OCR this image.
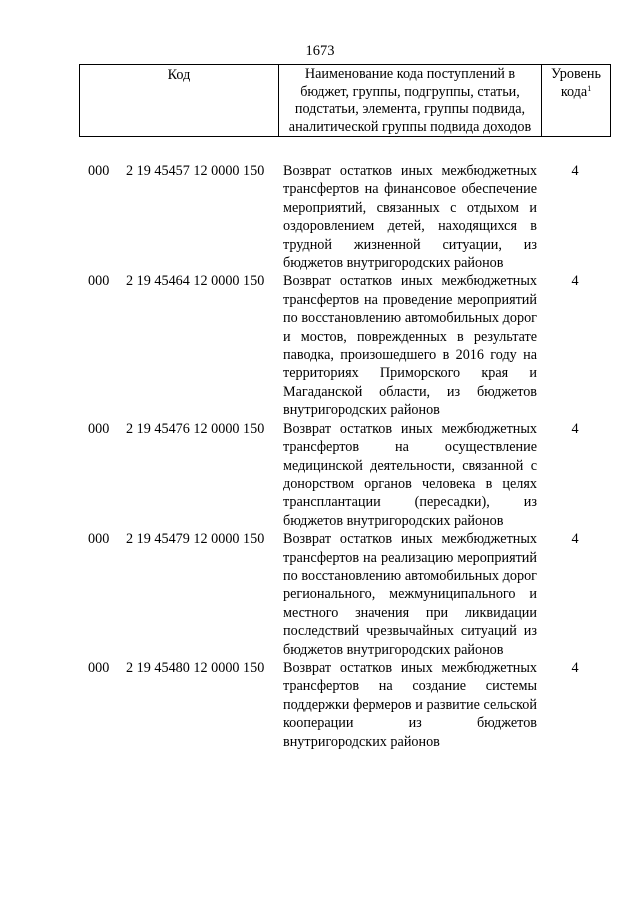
1673
Код	Наименование кода поступлений в бюджет, группы, подгруппы, статьи, подстатьи, элемента, группы подвида, аналитической группы подвида доходов
Уровень кода$^1$
000 2 19 45457 12 0000 150 Возврат остатков иных межбюджетных трансфертов на финансовое обеспечение мероприятий, связанных с отдыхом и оздоровлением детей, находящихся в трудной жизненной ситуации, из бюджетов внутригородских районов
4
000 2 19 45464 12 0000 150 Возврат остатков иных межбюджетных трансфертов на проведение мероприятий по восстановлению автомобильных дорог и мостов, поврежденных в результате паводка, произошедшего в 2016 году на территориях Приморского края и Магаданской области, из бюджетов внутригородских районов
4
000 2 19 45476 12 0000 150 Возврат остатков иных межбюджетных трансфертов на осуществление медицинской деятельности, связанной с донорством органов человека в целях трансплантации (пересадки), из бюджетов внутригородских районов
4
000 2 19 45479 12 0000 150 Возврат остатков иных межбюджетных трансфертов на реализацию мероприятий по восстановлению автомобильных дорог регионального, межмуниципального и местного значения при ликвидации последствий чрезвычайных ситуаций из бюджетов внутригородских районов
4
000 2 19 45480 12 0000 150 Возврат остатков иных межбюджетных трансфертов на создание системы поддержки фермеров и развитие сельской кооперации из бюджетов внутригородских районов
4
